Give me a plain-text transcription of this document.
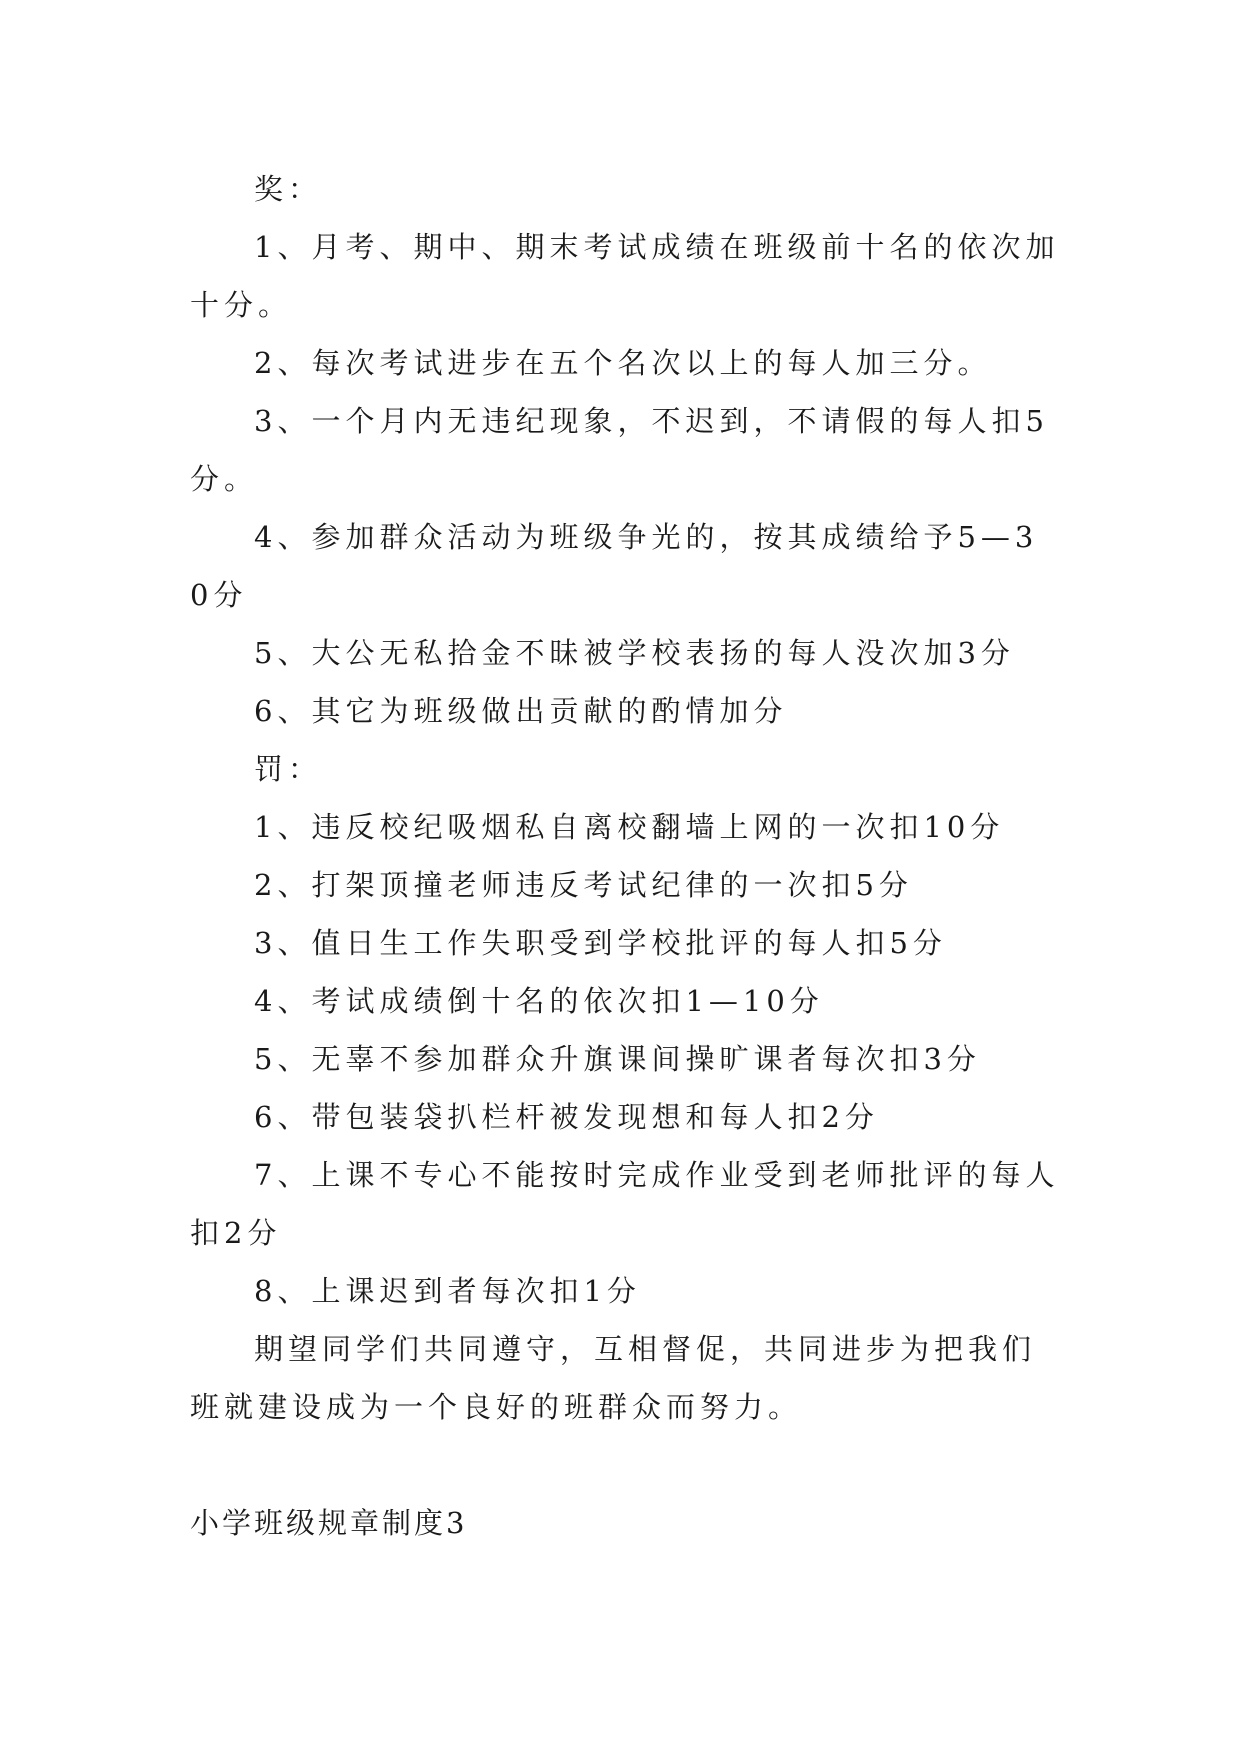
奖：

1、月考、期中、期末考试成绩在班级前十名的依次加十分。

2、每次考试进步在五个名次以上的每人加三分。

3、一个月内无违纪现象，不迟到，不请假的每人扣5分。

4、参加群众活动为班级争光的，按其成绩给予5—30分

5、大公无私拾金不昧被学校表扬的每人没次加3分

6、其它为班级做出贡献的酌情加分

罚：

1、违反校纪吸烟私自离校翻墙上网的一次扣10分

2、打架顶撞老师违反考试纪律的一次扣5分

3、值日生工作失职受到学校批评的每人扣5分

4、考试成绩倒十名的依次扣1—10分

5、无辜不参加群众升旗课间操旷课者每次扣3分

6、带包装袋扒栏杆被发现想和每人扣2分

7、上课不专心不能按时完成作业受到老师批评的每人扣2分

8、上课迟到者每次扣1分

期望同学们共同遵守，互相督促，共同进步为把我们班就建设成为一个良好的班群众而努力。

小学班级规章制度3
